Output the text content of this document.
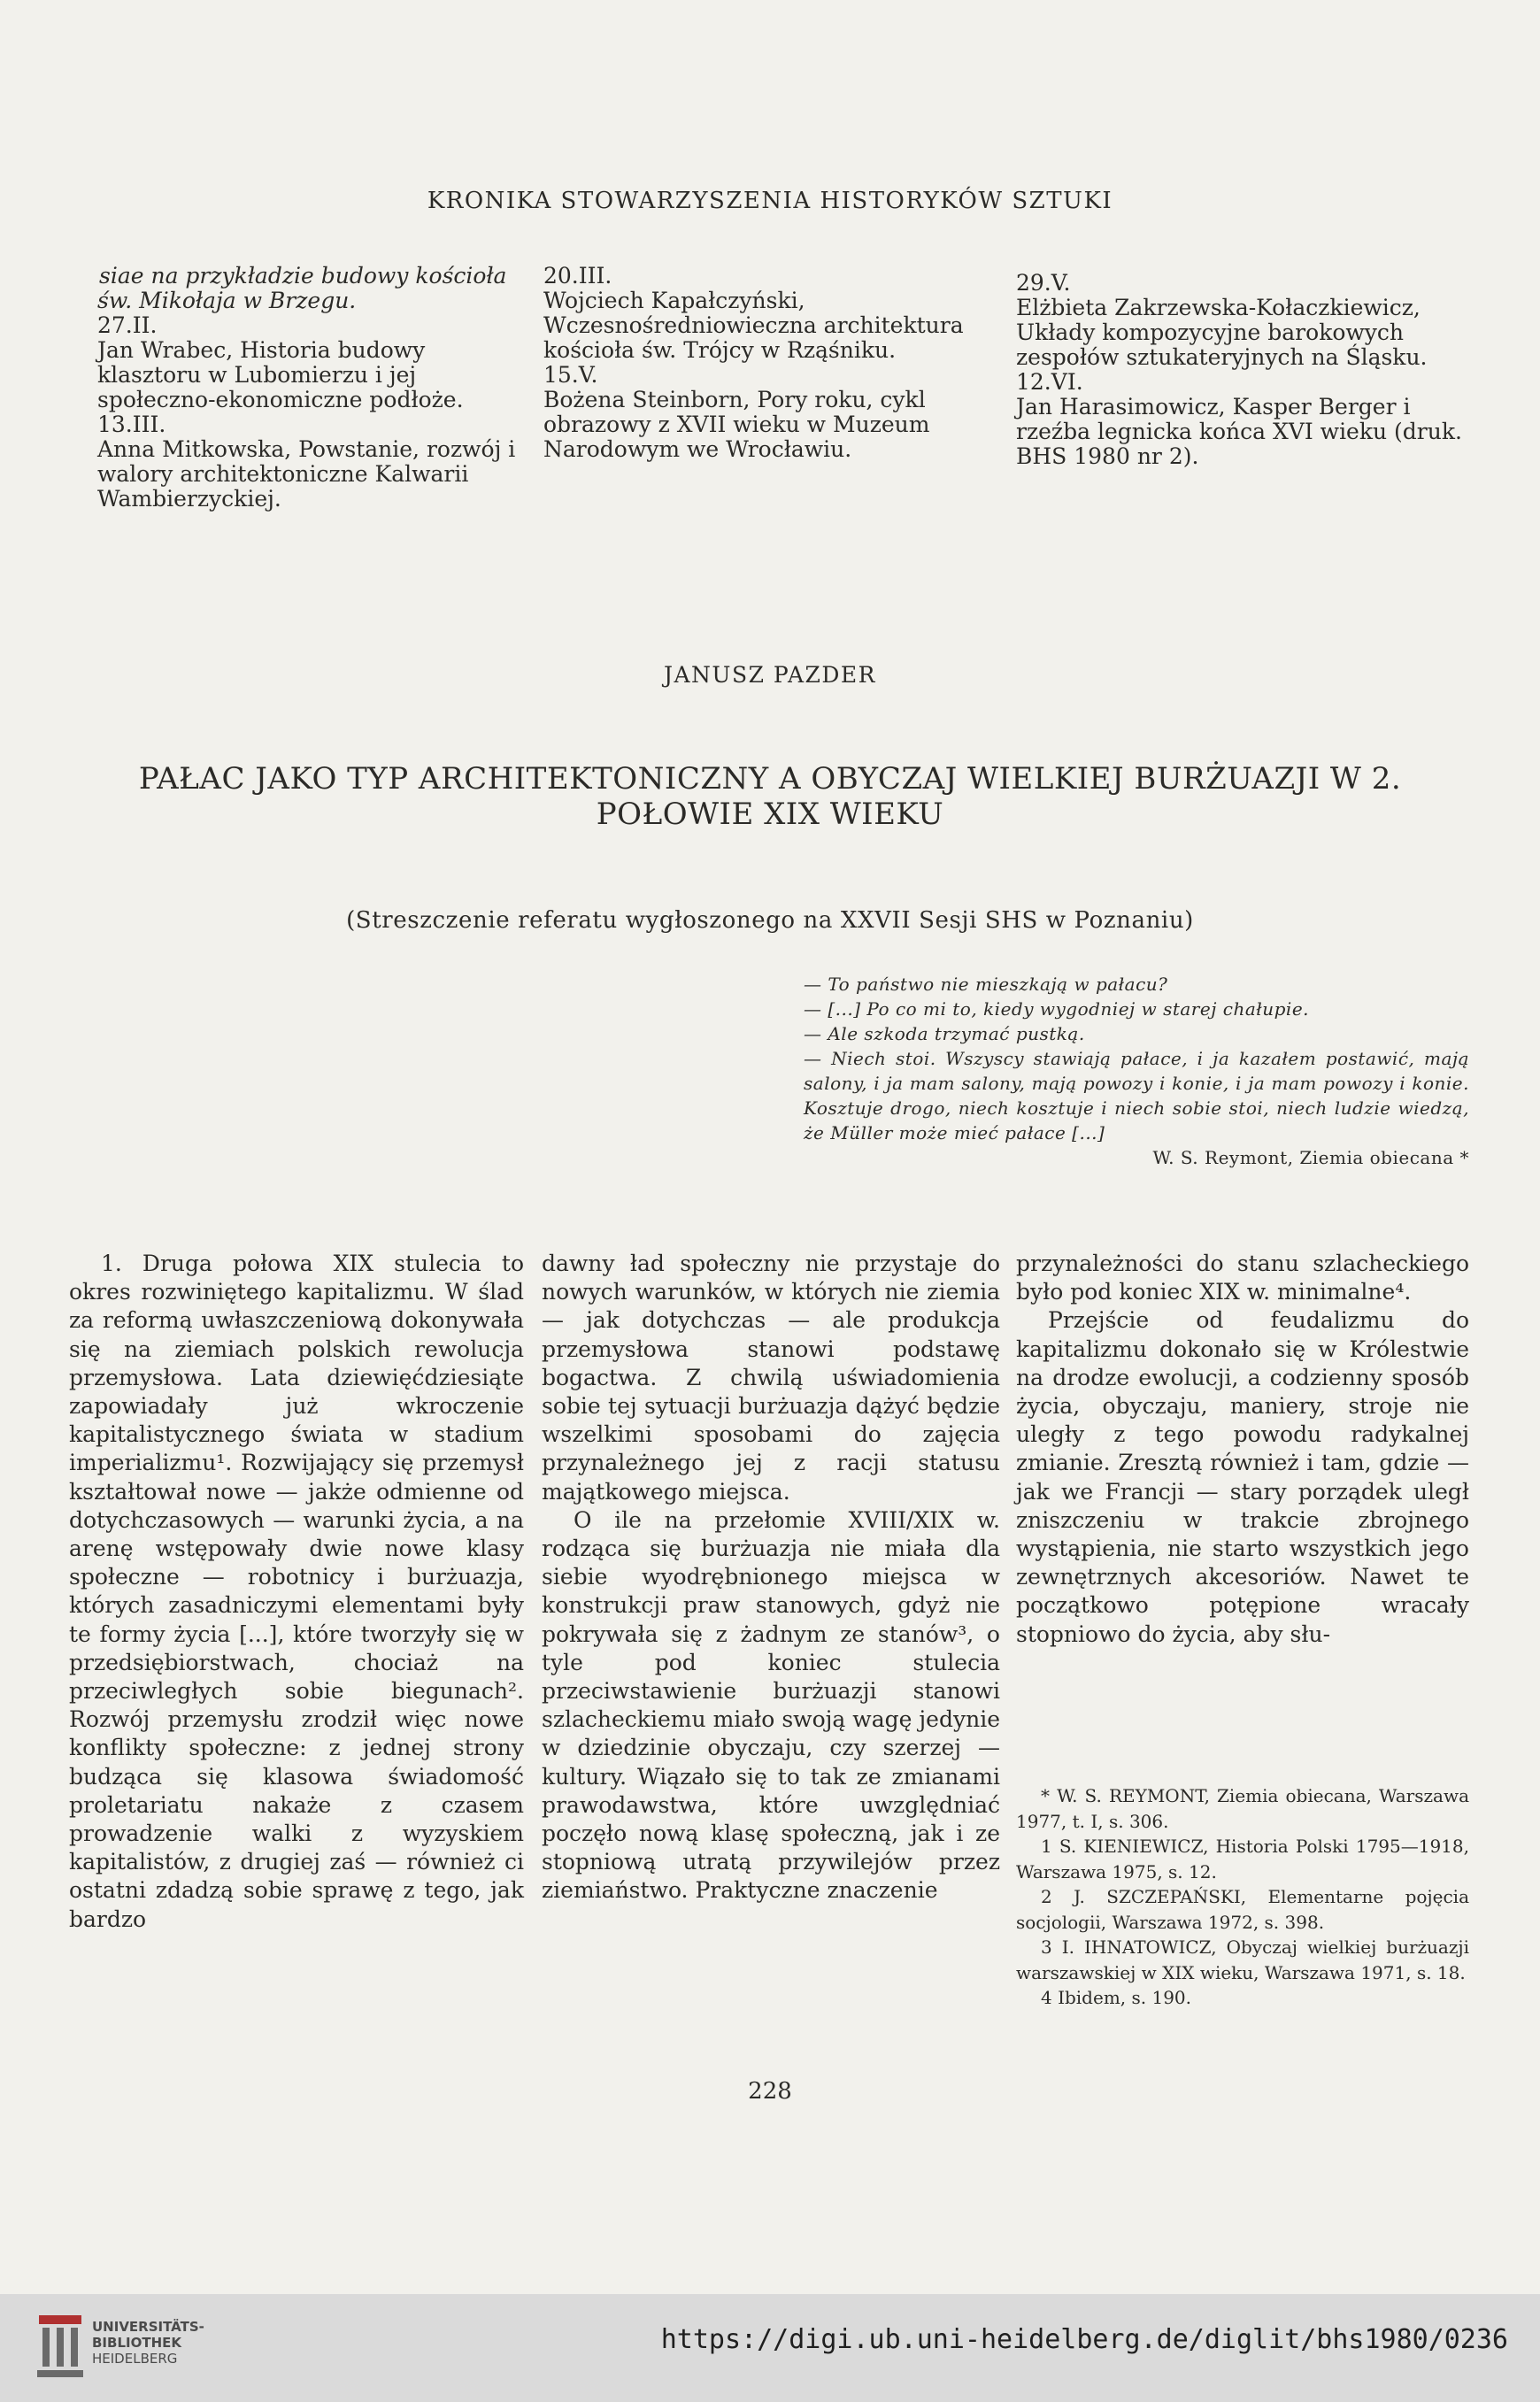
KRONIKA STOWARZYSZENIA HISTORYKÓW SZTUKI

siae na przykładzie budowy kościoła św. Mikołaja w Brzegu.

27.II.

Jan Wrabec, Historia budowy klasztoru w Lubomierzu i jej społeczno-ekonomiczne podłoże.

13.III.

Anna Mitkowska, Powstanie, rozwój i walory architektoniczne Kalwarii Wambierzyckiej.

20.III.

Wojciech Kapałczyński, Wczesnośredniowieczna architektura kościoła św. Trójcy w Rząśniku.

15.V.

Bożena Steinborn, Pory roku, cykl obrazowy z XVII wieku w Muzeum Narodowym we Wrocławiu.

29.V.

Elżbieta Zakrzewska-Kołaczkiewicz, Układy kompozycyjne barokowych zespołów sztukateryjnych na Śląsku.

12.VI.

Jan Harasimowicz, Kasper Berger i rzeźba legnicka końca XVI wieku (druk. BHS 1980 nr 2).

JANUSZ PAZDER
PAŁAC JAKO TYP ARCHITEKTONICZNY A OBYCZAJ WIELKIEJ BURŻUAZJI W 2. POŁOWIE XIX WIEKU
(Streszczenie referatu wygłoszonego na XXVII Sesji SHS w Poznaniu)

— To państwo nie mieszkają w pałacu?

— [...] Po co mi to, kiedy wygodniej w starej chałupie.

— Ale szkoda trzymać pustką.

— Niech stoi. Wszyscy stawiają pałace, i ja kazałem postawić, mają salony, i ja mam salony, mają powozy i konie, i ja mam powozy i konie. Kosztuje drogo, niech kosztuje i niech sobie stoi, niech ludzie wiedzą, że Müller może mieć pałace [...]

W. S. Reymont, Ziemia obiecana *

1. Druga połowa XIX stulecia to okres rozwiniętego kapitalizmu. W ślad za reformą uwłaszczeniową dokonywała się na ziemiach polskich rewolucja przemysłowa. Lata dziewięćdziesiąte zapowiadały już wkroczenie kapitalistycznego świata w stadium imperializmu¹. Rozwijający się przemysł kształtował nowe — jakże odmienne od dotychczasowych — warunki życia, a na arenę wstępowały dwie nowe klasy społeczne — robotnicy i burżuazja, których zasadniczymi elementami były te formy życia [...], które tworzyły się w przedsiębiorstwach, chociaż na przeciwległych sobie biegunach². Rozwój przemysłu zrodził więc nowe konflikty społeczne: z jednej strony budząca się klasowa świadomość proletariatu nakaże z czasem prowadzenie walki z wyzyskiem kapitalistów, z drugiej zaś — również ci ostatni zdadzą sobie sprawę z tego, jak bardzo

dawny ład społeczny nie przystaje do nowych warunków, w których nie ziemia — jak dotychczas — ale produkcja przemysłowa stanowi podstawę bogactwa. Z chwilą uświadomienia sobie tej sytuacji burżuazja dążyć będzie wszelkimi sposobami do zajęcia przynależnego jej z racji statusu majątkowego miejsca.

O ile na przełomie XVIII/XIX w. rodząca się burżuazja nie miała dla siebie wyodrębnionego miejsca w konstrukcji praw stanowych, gdyż nie pokrywała się z żadnym ze stanów³, o tyle pod koniec stulecia przeciwstawienie burżuazji stanowi szlacheckiemu miało swoją wagę jedynie w dziedzinie obyczaju, czy szerzej — kultury. Wiązało się to tak ze zmianami prawodawstwa, które uwzględniać poczęło nową klasę społeczną, jak i ze stopniową utratą przywilejów przez ziemiaństwo. Praktyczne znaczenie

przynależności do stanu szlacheckiego było pod koniec XIX w. minimalne⁴.

Przejście od feudalizmu do kapitalizmu dokonało się w Królestwie na drodze ewolucji, a codzienny sposób życia, obyczaju, maniery, stroje nie uległy z tego powodu radykalnej zmianie. Zresztą również i tam, gdzie — jak we Francji — stary porządek uległ zniszczeniu w trakcie zbrojnego wystąpienia, nie starto wszystkich jego zewnętrznych akcesoriów. Nawet te początkowo potępione wracały stopniowo do życia, aby słu-

* W. S. REYMONT, Ziemia obiecana, Warszawa 1977, t. I, s. 306.

1 S. KIENIEWICZ, Historia Polski 1795—1918, Warszawa 1975, s. 12.

2 J. SZCZEPAŃSKI, Elementarne pojęcia socjologii, Warszawa 1972, s. 398.

3 I. IHNATOWICZ, Obyczaj wielkiej burżuazji warszawskiej w XIX wieku, Warszawa 1971, s. 18.

4 Ibidem, s. 190.

228
UNIVERSITÄTS-
BIBLIOTHEK
HEIDELBERG
https://digi.ub.uni-heidelberg.de/diglit/bhs1980/0236
